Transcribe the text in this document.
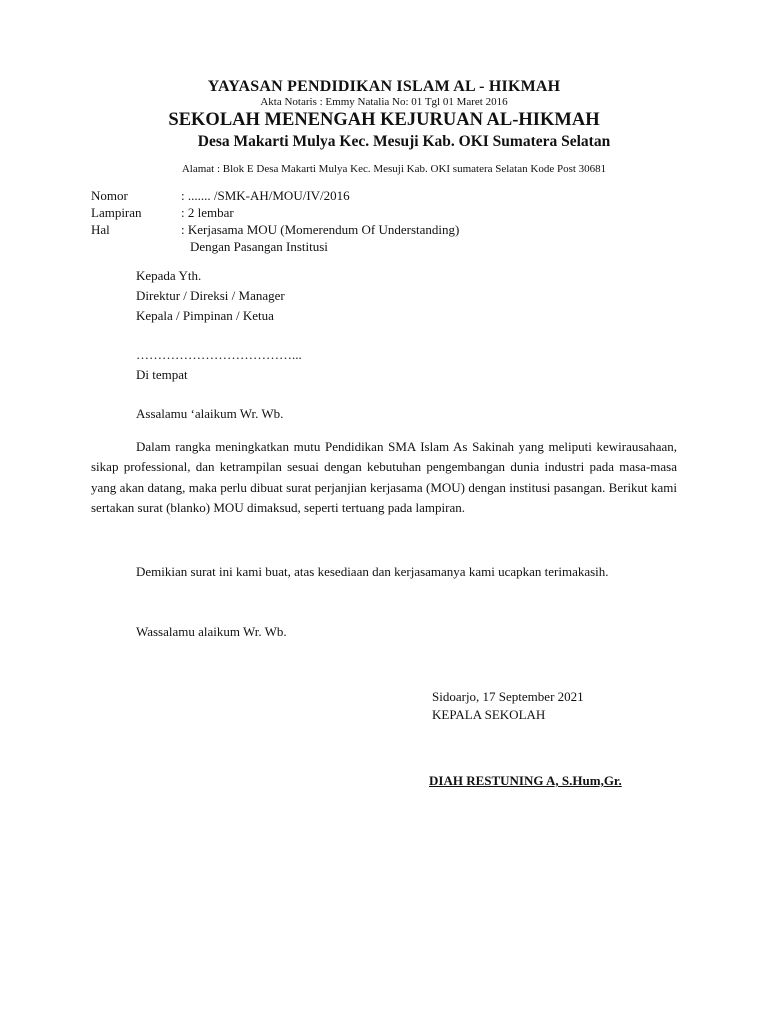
YAYASAN PENDIDIKAN ISLAM AL - HIKMAH
Akta Notaris : Emmy Natalia No: 01 Tgl 01 Maret 2016
SEKOLAH MENENGAH KEJURUAN AL-HIKMAH
Desa Makarti Mulya Kec. Mesuji Kab. OKI Sumatera Selatan
Alamat : Blok E Desa Makarti Mulya Kec. Mesuji Kab. OKI sumatera Selatan Kode Post 30681
Nomor	: ....... /SMK-AH/MOU/IV/2016
Lampiran	: 2 lembar
Hal	: Kerjasama MOU (Momerendum Of Understanding)
Dengan Pasangan Institusi
Kepada Yth.
Direktur / Direksi / Manager
Kepala / Pimpinan / Ketua
………………………………...
Di tempat
Assalamu ‘alaikum Wr. Wb.
Dalam rangka meningkatkan mutu Pendidikan SMA Islam As Sakinah yang meliputi kewirausahaan, sikap professional, dan ketrampilan sesuai dengan kebutuhan pengembangan dunia industri pada masa-masa yang akan datang, maka perlu dibuat surat perjanjian kerjasama (MOU) dengan institusi pasangan. Berikut kami sertakan surat (blanko) MOU dimaksud, seperti tertuang pada lampiran.
Demikian surat ini kami buat, atas kesediaan dan kerjasamanya kami ucapkan terimakasih.
Wassalamu alaikum Wr. Wb.
Sidoarjo, 17 September 2021
KEPALA SEKOLAH
DIAH RESTUNING A, S.Hum,Gr.
